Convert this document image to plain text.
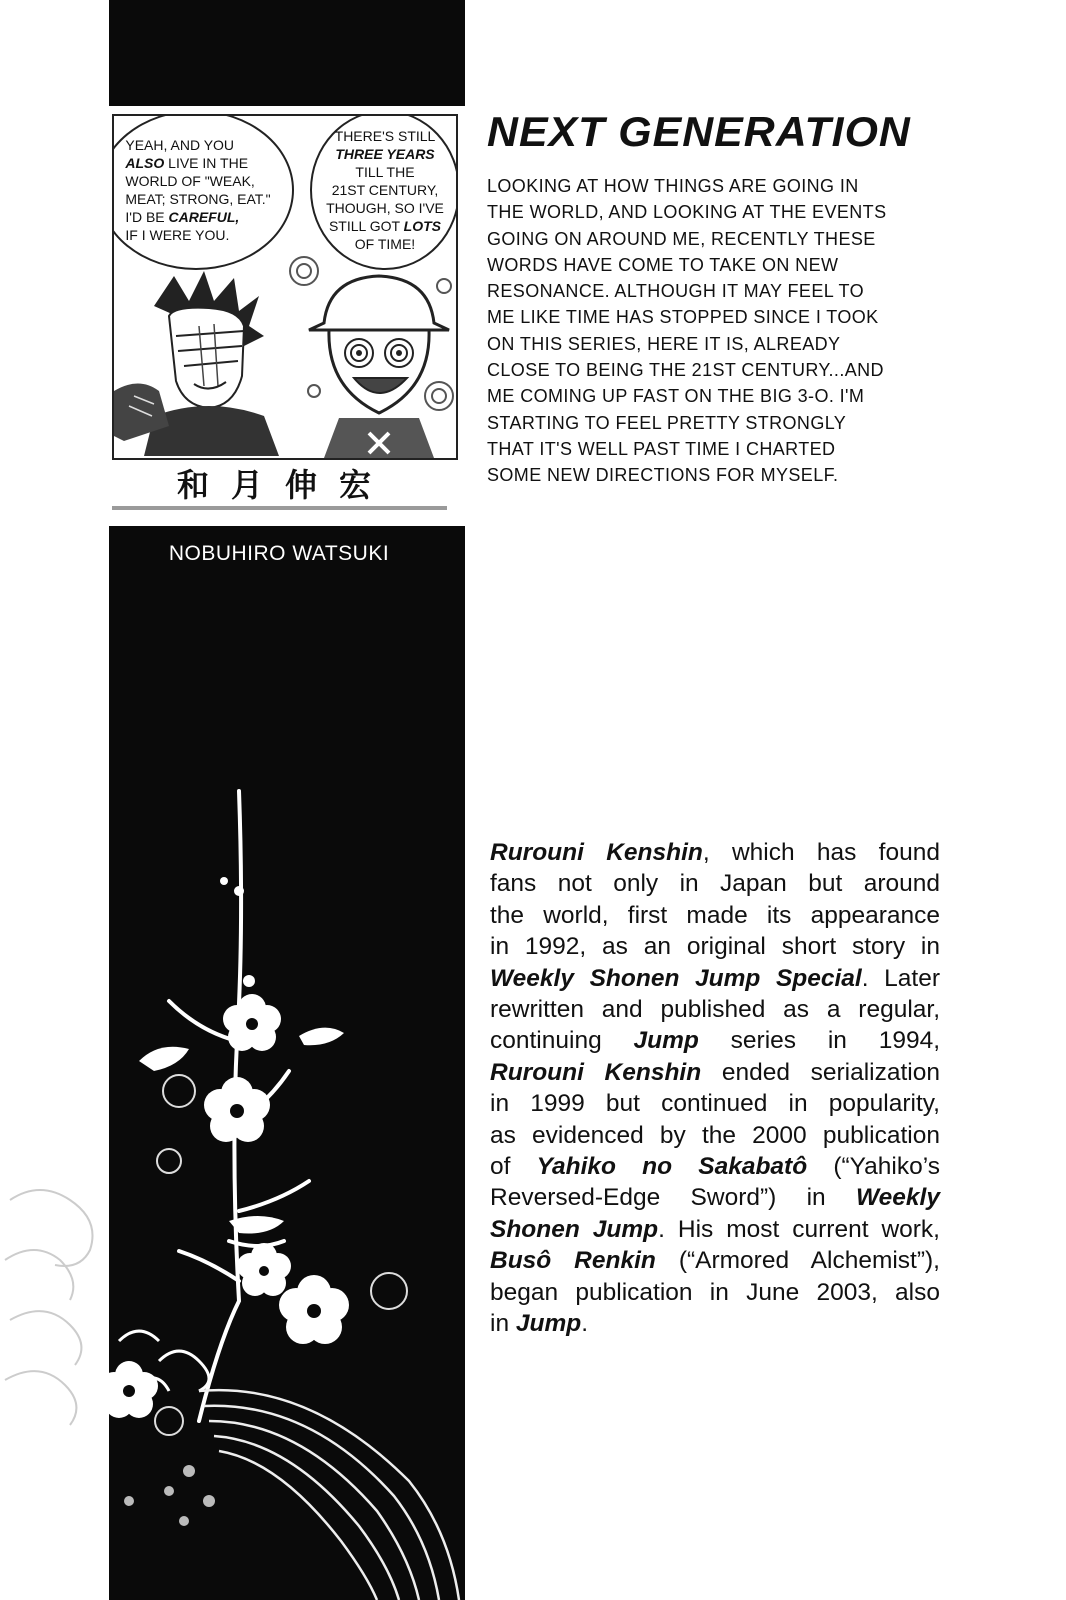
YEAH, AND YOU
ALSO LIVE IN THE
WORLD OF "WEAK,
MEAT; STRONG, EAT."
I'D BE CAREFUL,
IF I WERE YOU.
THERE'S STILL
THREE YEARS
TILL THE
21ST CENTURY,
THOUGH, SO I'VE
STILL GOT LOTS
OF TIME!
和月伸宏
NOBUHIRO WATSUKI
NEXT GENERATION
LOOKING AT HOW THINGS ARE GOING IN
THE WORLD, AND LOOKING AT THE EVENTS
GOING ON AROUND ME, RECENTLY THESE
WORDS HAVE COME TO TAKE ON NEW
RESONANCE. ALTHOUGH IT MAY FEEL TO
ME LIKE TIME HAS STOPPED SINCE I TOOK
ON THIS SERIES, HERE IT IS, ALREADY
CLOSE TO BEING THE 21ST CENTURY...AND
ME COMING UP FAST ON THE BIG 3-O. I'M
STARTING TO FEEL PRETTY STRONGLY
THAT IT'S WELL PAST TIME I CHARTED
SOME NEW DIRECTIONS FOR MYSELF.
Rurouni Kenshin, which has found
fans not only in Japan but around
the world, first made its appearance
in 1992, as an original short story in
Weekly Shonen Jump Special. Later
rewritten and published as a regular,
continuing Jump series in 1994,
Rurouni Kenshin ended serialization
in 1999 but continued in popularity,
as evidenced by the 2000 publication
of Yahiko no Sakabatô (“Yahiko’s
Reversed-Edge Sword”) in Weekly
Shonen Jump. His most current work,
Busô Renkin (“Armored Alchemist”),
began publication in June 2003, also
in Jump.
